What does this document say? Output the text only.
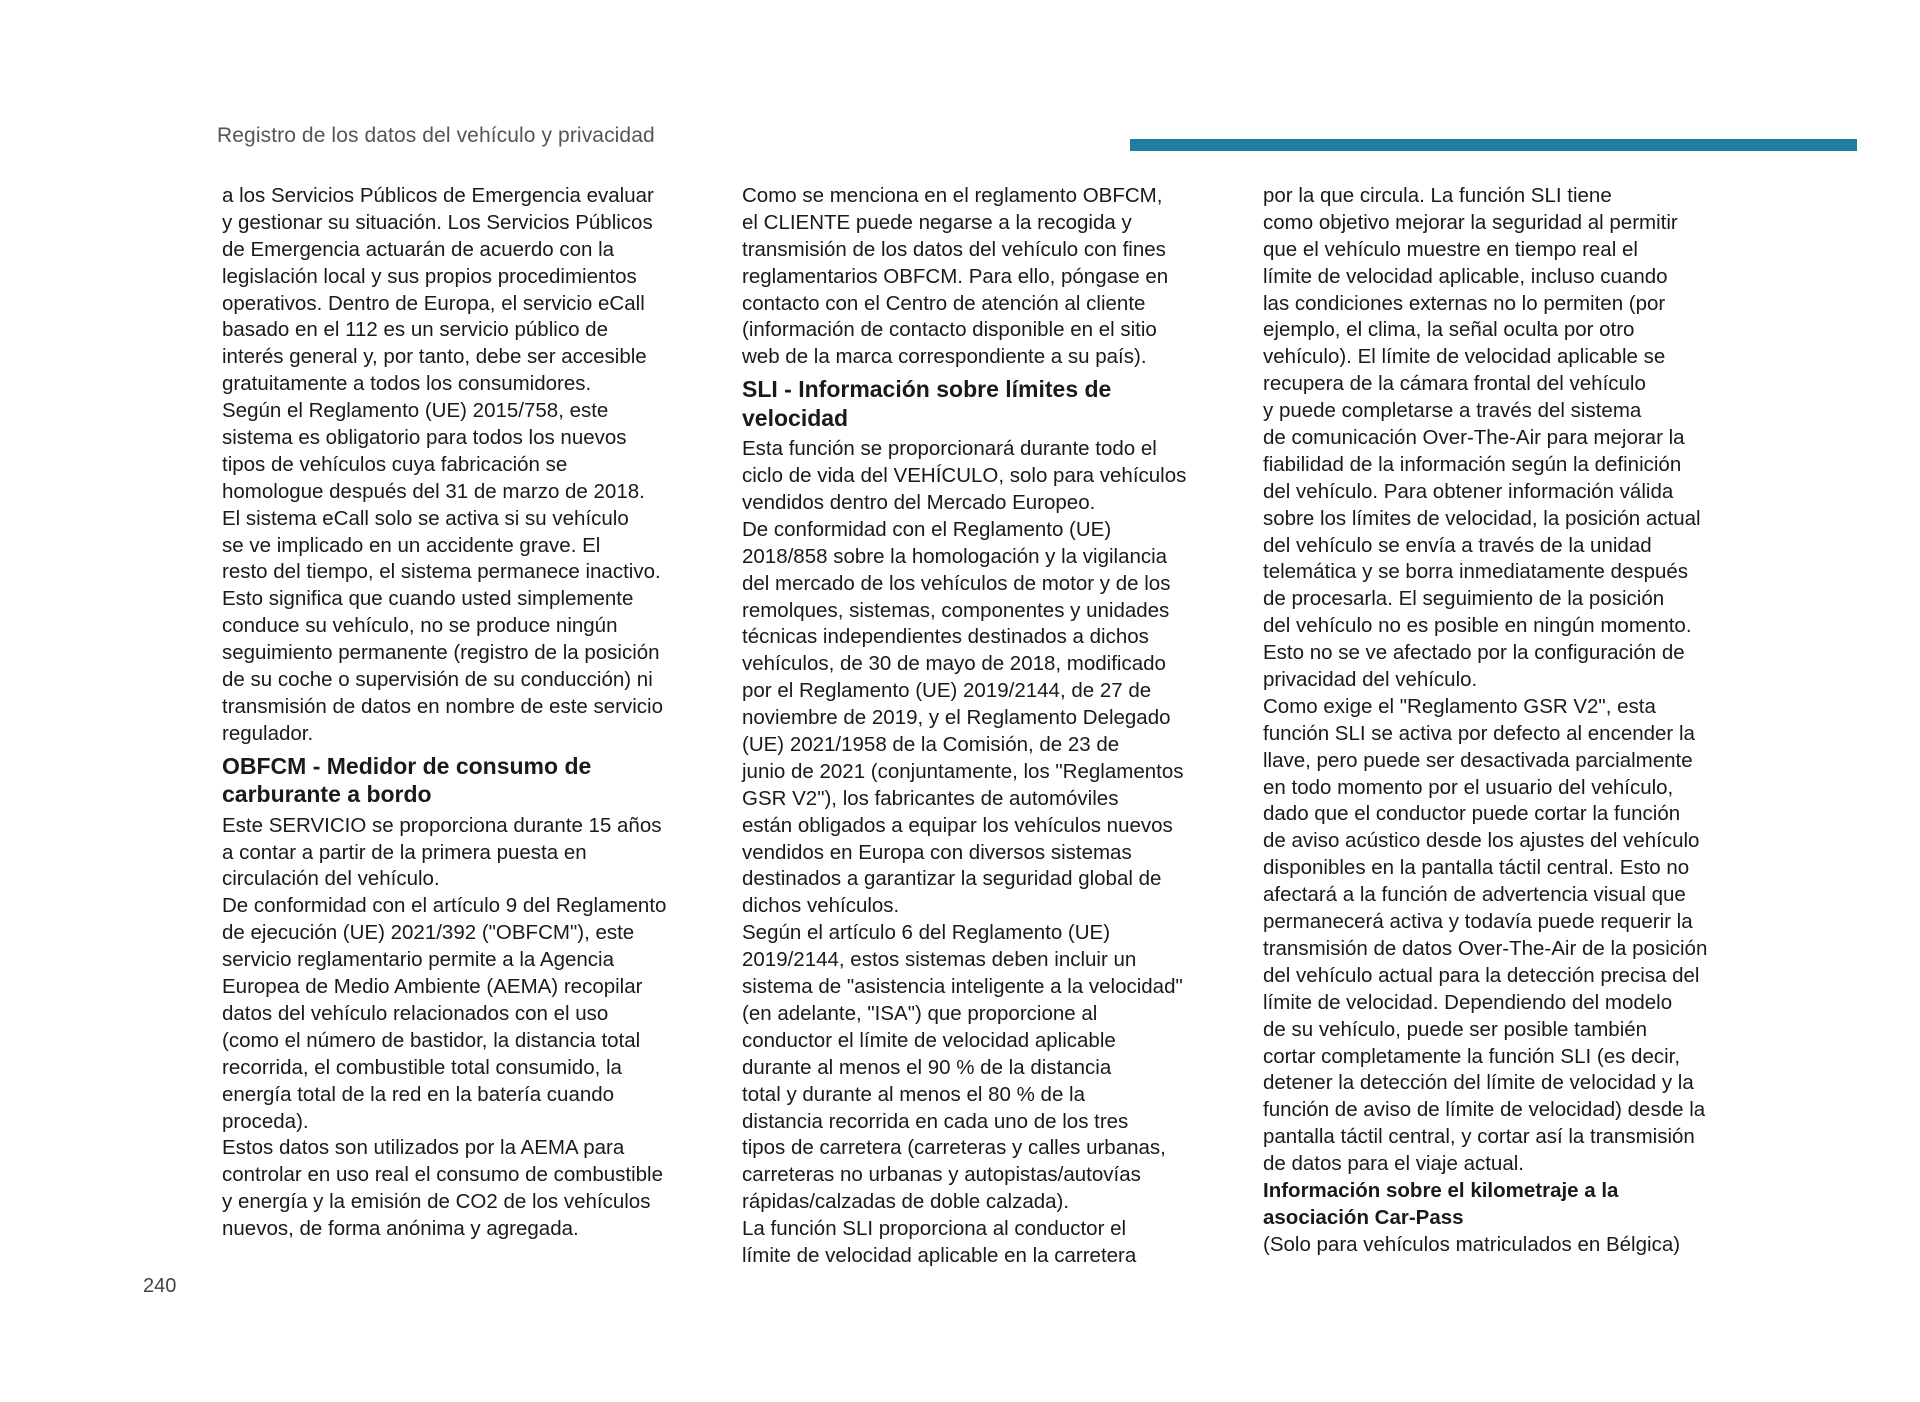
Registro de los datos del vehículo y privacidad
a los Servicios Públicos de Emergencia evaluar
y gestionar su situación. Los Servicios Públicos
de Emergencia actuarán de acuerdo con la
legislación local y sus propios procedimientos
operativos. Dentro de Europa, el servicio eCall
basado en el 112 es un servicio público de
interés general y, por tanto, debe ser accesible
gratuitamente a todos los consumidores.
Según el Reglamento (UE) 2015/758, este
sistema es obligatorio para todos los nuevos
tipos de vehículos cuya fabricación se
homologue después del 31 de marzo de 2018.
El sistema eCall solo se activa si su vehículo
se ve implicado en un accidente grave. El
resto del tiempo, el sistema permanece inactivo.
Esto significa que cuando usted simplemente
conduce su vehículo, no se produce ningún
seguimiento permanente (registro de la posición
de su coche o supervisión de su conducción) ni
transmisión de datos en nombre de este servicio
regulador.
OBFCM - Medidor de consumo de
carburante a bordo
Este SERVICIO se proporciona durante 15 años
a contar a partir de la primera puesta en
circulación del vehículo.
De conformidad con el artículo 9 del Reglamento
de ejecución (UE) 2021/392 ("OBFCM"), este
servicio reglamentario permite a la Agencia
Europea de Medio Ambiente (AEMA) recopilar
datos del vehículo relacionados con el uso
(como el número de bastidor, la distancia total
recorrida, el combustible total consumido, la
energía total de la red en la batería cuando
proceda).
Estos datos son utilizados por la AEMA para
controlar en uso real el consumo de combustible
y energía y la emisión de CO2 de los vehículos
nuevos, de forma anónima y agregada.
Como se menciona en el reglamento OBFCM,
el CLIENTE puede negarse a la recogida y
transmisión de los datos del vehículo con fines
reglamentarios OBFCM. Para ello, póngase en
contacto con el Centro de atención al cliente
(información de contacto disponible en el sitio
web de la marca correspondiente a su país).
SLI - Información sobre límites de
velocidad
Esta función se proporcionará durante todo el
ciclo de vida del VEHÍCULO, solo para vehículos
vendidos dentro del Mercado Europeo.
De conformidad con el Reglamento (UE)
2018/858 sobre la homologación y la vigilancia
del mercado de los vehículos de motor y de los
remolques, sistemas, componentes y unidades
técnicas independientes destinados a dichos
vehículos, de 30 de mayo de 2018, modificado
por el Reglamento (UE) 2019/2144, de 27 de
noviembre de 2019, y el Reglamento Delegado
(UE) 2021/1958 de la Comisión, de 23 de
junio de 2021 (conjuntamente, los "Reglamentos
GSR V2"), los fabricantes de automóviles
están obligados a equipar los vehículos nuevos
vendidos en Europa con diversos sistemas
destinados a garantizar la seguridad global de
dichos vehículos.
Según el artículo 6 del Reglamento (UE)
2019/2144, estos sistemas deben incluir un
sistema de "asistencia inteligente a la velocidad"
(en adelante, "ISA") que proporcione al
conductor el límite de velocidad aplicable
durante al menos el 90 % de la distancia
total y durante al menos el 80 % de la
distancia recorrida en cada uno de los tres
tipos de carretera (carreteras y calles urbanas,
carreteras no urbanas y autopistas/autovías
rápidas/calzadas de doble calzada).
La función SLI proporciona al conductor el
límite de velocidad aplicable en la carretera
por la que circula. La función SLI tiene
como objetivo mejorar la seguridad al permitir
que el vehículo muestre en tiempo real el
límite de velocidad aplicable, incluso cuando
las condiciones externas no lo permiten (por
ejemplo, el clima, la señal oculta por otro
vehículo). El límite de velocidad aplicable se
recupera de la cámara frontal del vehículo
y puede completarse a través del sistema
de comunicación Over-The-Air para mejorar la
fiabilidad de la información según la definición
del vehículo. Para obtener información válida
sobre los límites de velocidad, la posición actual
del vehículo se envía a través de la unidad
telemática y se borra inmediatamente después
de procesarla. El seguimiento de la posición
del vehículo no es posible en ningún momento.
Esto no se ve afectado por la configuración de
privacidad del vehículo.
Como exige el "Reglamento GSR V2", esta
función SLI se activa por defecto al encender la
llave, pero puede ser desactivada parcialmente
en todo momento por el usuario del vehículo,
dado que el conductor puede cortar la función
de aviso acústico desde los ajustes del vehículo
disponibles en la pantalla táctil central. Esto no
afectará a la función de advertencia visual que
permanecerá activa y todavía puede requerir la
transmisión de datos Over-The-Air de la posición
del vehículo actual para la detección precisa del
límite de velocidad. Dependiendo del modelo
de su vehículo, puede ser posible también
cortar completamente la función SLI (es decir,
detener la detección del límite de velocidad y la
función de aviso de límite de velocidad) desde la
pantalla táctil central, y cortar así la transmisión
de datos para el viaje actual.
Información sobre el kilometraje a la
asociación Car-Pass
(Solo para vehículos matriculados en Bélgica)
240
